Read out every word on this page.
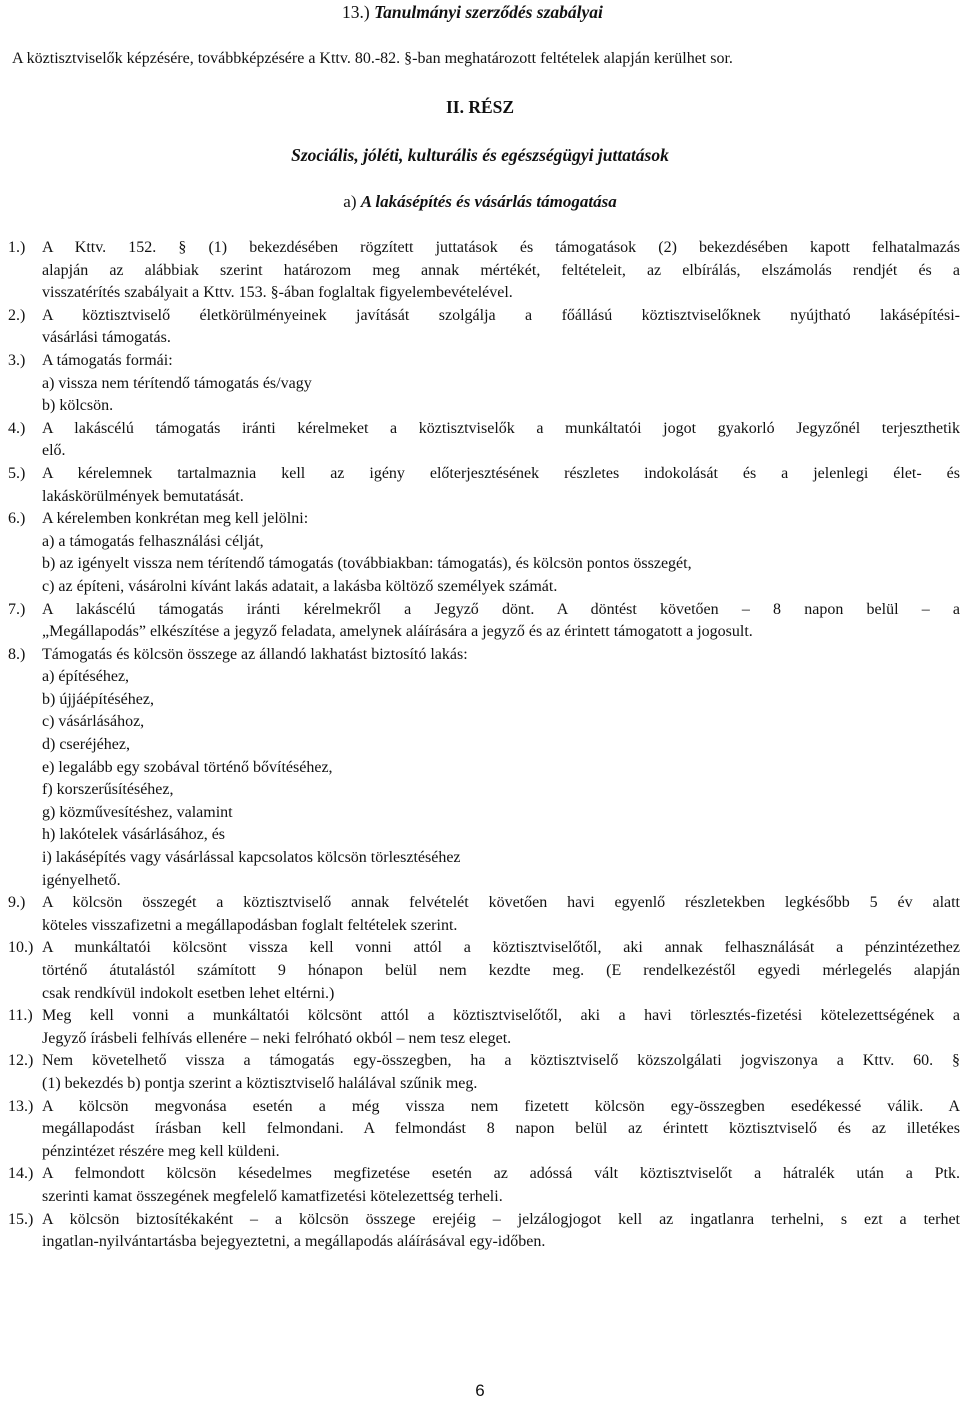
13.) Tanulmányi szerződés szabályai
A köztisztviselők képzésére, továbbképzésére a Kttv. 80.-82. §-ban meghatározott feltételek alapján kerülhet sor.
II. RÉSZ
Szociális, jóléti, kulturális és egészségügyi juttatások
a) A lakásépítés és vásárlás támogatása
1.) A Kttv. 152. § (1) bekezdésében rögzített juttatások és támogatások (2) bekezdésében kapott felhatalmazás
alapján az alábbiak szerint határozom meg annak mértékét, feltételeit, az elbírálás, elszámolás rendjét és a
visszatérítés szabályait a Kttv. 153. §-ában foglaltak figyelembevételével.
2.) A köztisztviselő életkörülményeinek javítását szolgálja a főállású köztisztviselőknek nyújtható lakásépítési-
vásárlási támogatás.
3.) A támogatás formái:
a) vissza nem térítendő támogatás és/vagy
b) kölcsön.
4.) A lakáscélú támogatás iránti kérelmeket a köztisztviselők a munkáltatói jogot gyakorló Jegyzőnél terjeszthetik
elő.
5.) A kérelemnek tartalmaznia kell az igény előterjesztésének részletes indokolását és a jelenlegi élet- és
lakáskörülmények bemutatását.
6.) A kérelemben konkrétan meg kell jelölni:
a) a támogatás felhasználási célját,
b) az igényelt vissza nem térítendő támogatás (továbbiakban: támogatás), és kölcsön pontos összegét,
c) az építeni, vásárolni kívánt lakás adatait, a lakásba költöző személyek számát.
7.) A lakáscélú támogatás iránti kérelmekről a Jegyző dönt. A döntést követően – 8 napon belül – a
„Megállapodás” elkészítése a jegyző feladata, amelynek aláírására a jegyző és az érintett támogatott a jogosult.
8.) Támogatás és kölcsön összege az állandó lakhatást biztosító lakás:
a) építéséhez,
b) újjáépítéséhez,
c) vásárlásához,
d) cseréjéhez,
e) legalább egy szobával történő bővítéséhez,
f) korszerűsítéséhez,
g) közművesítéshez, valamint
h) lakótelek vásárlásához, és
i) lakásépítés vagy vásárlással kapcsolatos kölcsön törlesztéséhez
igényelhető.
9.) A kölcsön összegét a köztisztviselő annak felvételét követően havi egyenlő részletekben legkésőbb 5 év alatt
köteles visszafizetni a megállapodásban foglalt feltételek szerint.
10.) A munkáltatói kölcsönt vissza kell vonni attól a köztisztviselőtől, aki annak felhasználását a pénzintézethez
történő átutalástól számított 9 hónapon belül nem kezdte meg. (E rendelkezéstől egyedi mérlegelés alapján
csak rendkívül indokolt esetben lehet eltérni.)
11.) Meg kell vonni a munkáltatói kölcsönt attól a köztisztviselőtől, aki a havi törlesztés-fizetési kötelezettségének a
Jegyző írásbeli felhívás ellenére – neki felróható okból – nem tesz eleget.
12.) Nem követelhető vissza a támogatás egy-összegben, ha a köztisztviselő közszolgálati jogviszonya a Kttv. 60. §
(1) bekezdés b) pontja szerint a köztisztviselő halálával szűnik meg.
13.) A kölcsön megvonása esetén a még vissza nem fizetett kölcsön egy-összegben esedékessé válik. A
megállapodást írásban kell felmondani. A felmondást 8 napon belül az érintett köztisztviselő és az illetékes
pénzintézet részére meg kell küldeni.
14.) A felmondott kölcsön késedelmes megfizetése esetén az adóssá vált köztisztviselőt a hátralék után a Ptk.
szerinti kamat összegének megfelelő kamatfizetési kötelezettség terheli.
15.) A kölcsön biztosítékaként – a kölcsön összege erejéig – jelzálogjogot kell az ingatlanra terhelni, s ezt a terhet
ingatlan-nyilvántartásba bejegyeztetni, a megállapodás aláírásával egy-időben.
6
